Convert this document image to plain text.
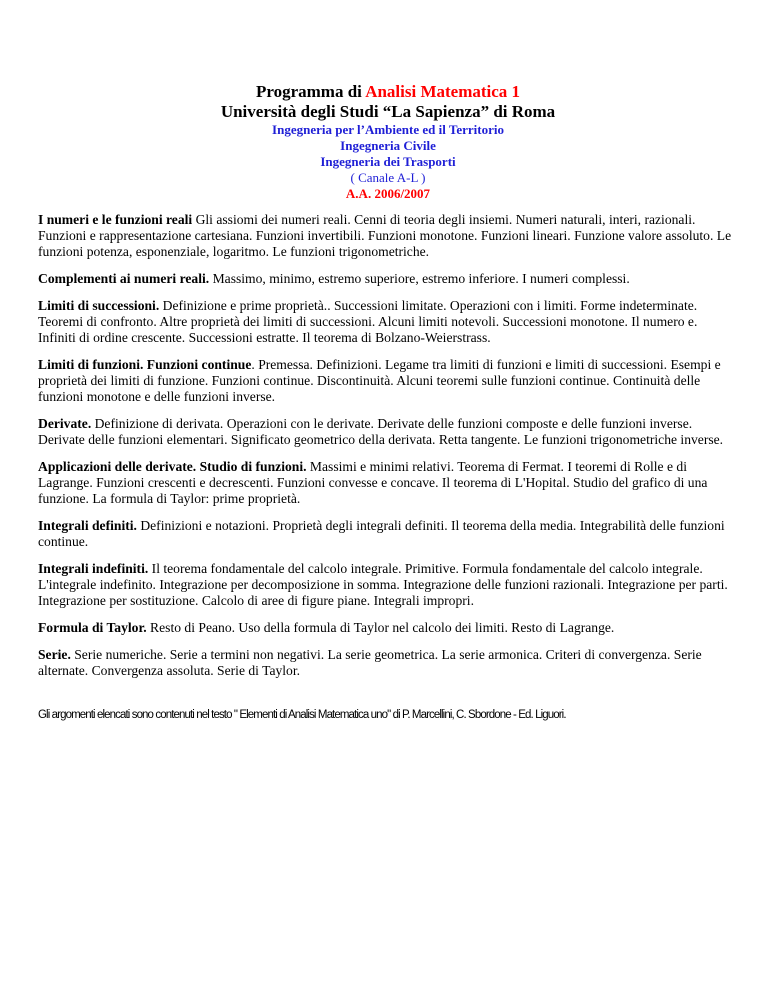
Programma di Analisi Matematica 1
Università degli Studi “La Sapienza” di Roma
Ingegneria per l’Ambiente ed il Territorio
Ingegneria Civile
Ingegneria dei Trasporti
( Canale A-L )
A.A. 2006/2007

I numeri e le funzioni reali Gli assiomi dei numeri reali. Cenni di teoria degli insiemi. Numeri naturali, interi, razionali. Funzioni e rappresentazione cartesiana. Funzioni invertibili. Funzioni monotone. Funzioni lineari. Funzione valore assoluto. Le funzioni potenza, esponenziale, logaritmo. Le funzioni trigonometriche.

Complementi ai numeri reali. Massimo, minimo, estremo superiore, estremo inferiore. I numeri complessi.

Limiti di successioni. Definizione e prime proprietà.. Successioni limitate. Operazioni con i limiti. Forme indeterminate. Teoremi di confronto. Altre proprietà dei limiti di successioni. Alcuni limiti notevoli. Successioni monotone. Il numero e. Infiniti di ordine crescente. Successioni estratte. Il teorema di Bolzano-Weierstrass.

Limiti di funzioni. Funzioni continue. Premessa. Definizioni. Legame tra limiti di funzioni e limiti di successioni. Esempi e proprietà dei limiti di funzione. Funzioni continue. Discontinuità. Alcuni teoremi sulle funzioni continue. Continuità delle funzioni monotone e delle funzioni inverse.

Derivate. Definizione di derivata. Operazioni con le derivate. Derivate delle funzioni composte e delle funzioni inverse. Derivate delle funzioni elementari. Significato geometrico della derivata. Retta tangente. Le funzioni trigonometriche inverse.

Applicazioni delle derivate. Studio di funzioni. Massimi e minimi relativi. Teorema di Fermat. I teoremi di Rolle e di Lagrange. Funzioni crescenti e decrescenti. Funzioni convesse e concave. Il teorema di L'Hopital. Studio del grafico di una funzione. La formula di Taylor: prime proprietà.

Integrali definiti. Definizioni e notazioni. Proprietà degli integrali definiti. Il teorema della media. Integrabilità delle funzioni continue.

Integrali indefiniti. Il teorema fondamentale del calcolo integrale. Primitive. Formula fondamentale del calcolo integrale. L'integrale indefinito. Integrazione per decomposizione in somma. Integrazione delle funzioni razionali. Integrazione per parti. Integrazione per sostituzione. Calcolo di aree di figure piane. Integrali impropri.

Formula di Taylor. Resto di Peano. Uso della formula di Taylor nel calcolo dei limiti. Resto di Lagrange.

Serie. Serie numeriche. Serie a termini non negativi. La serie geometrica. La serie armonica. Criteri di convergenza. Serie alternate. Convergenza assoluta. Serie di Taylor.

Gli argomenti elencati sono contenuti nel testo " Elementi di Analisi Matematica uno" di P. Marcellini, C. Sbordone - Ed. Liguori.
